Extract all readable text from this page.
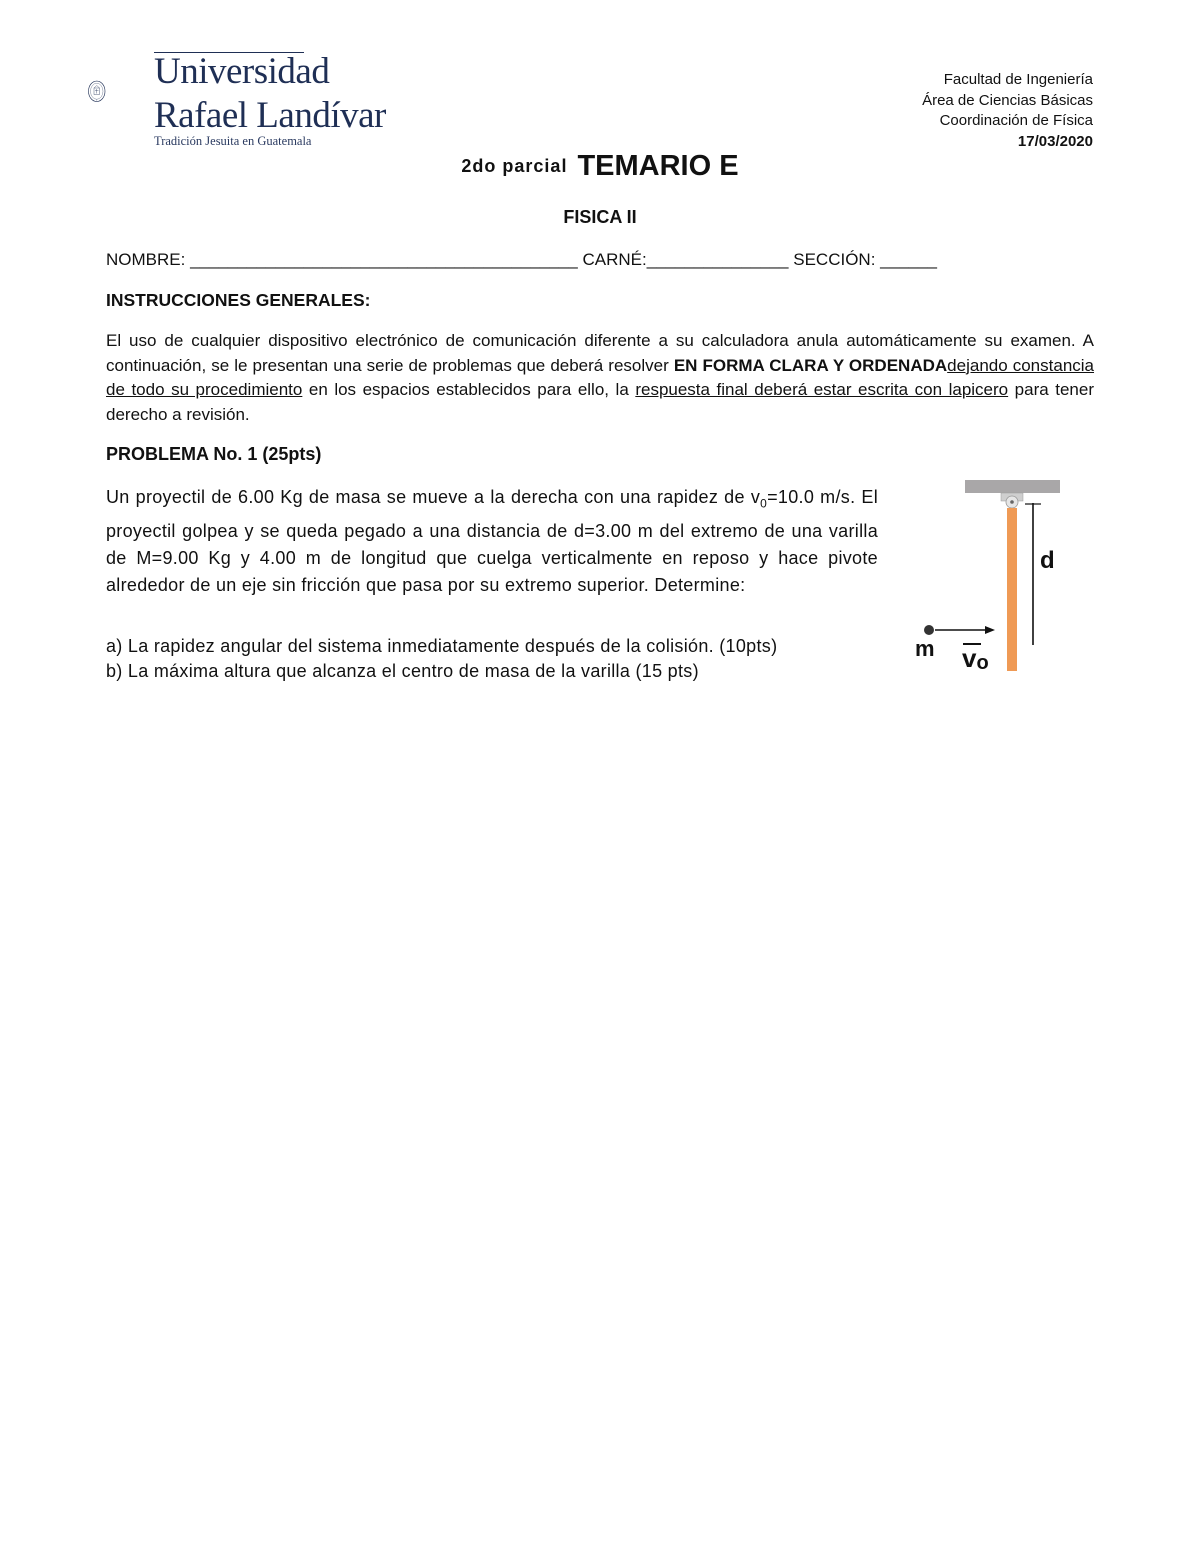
Universidad
Rafael Landívar
Tradición Jesuita en Guatemala
Facultad de Ingeniería
Área de Ciencias Básicas
Coordinación de Física
17/03/2020
2do parcial TEMARIO E
FISICA II
NOMBRE: _________________________________________ CARNÉ:_______________ SECCIÓN: ______
INSTRUCCIONES GENERALES:
El uso de cualquier dispositivo electrónico de comunicación diferente a su calculadora anula automáticamente su examen. A continuación, se le presentan una serie de problemas que deberá resolver EN FORMA CLARA Y ORDENADAdejando constancia de todo su procedimiento en los espacios establecidos para ello, la respuesta final deberá estar escrita con lapicero para tener derecho a revisión.
PROBLEMA No. 1 (25pts)
Un proyectil de 6.00 Kg de masa se mueve a la derecha con una rapidez de $v_0=10.0$ m/s. El proyectil golpea y se queda pegado a una distancia de d=3.00 m del extremo de una varilla de M=9.00 Kg y 4.00 m de longitud que cuelga verticalmente en reposo y hace pivote alrededor de un eje sin fricción que pasa por su extremo superior. Determine:
a) La rapidez angular del sistema inmediatamente después de la colisión. (10pts)
b) La máxima altura que alcanza el centro de masa de la varilla (15 pts)
d
m vo
